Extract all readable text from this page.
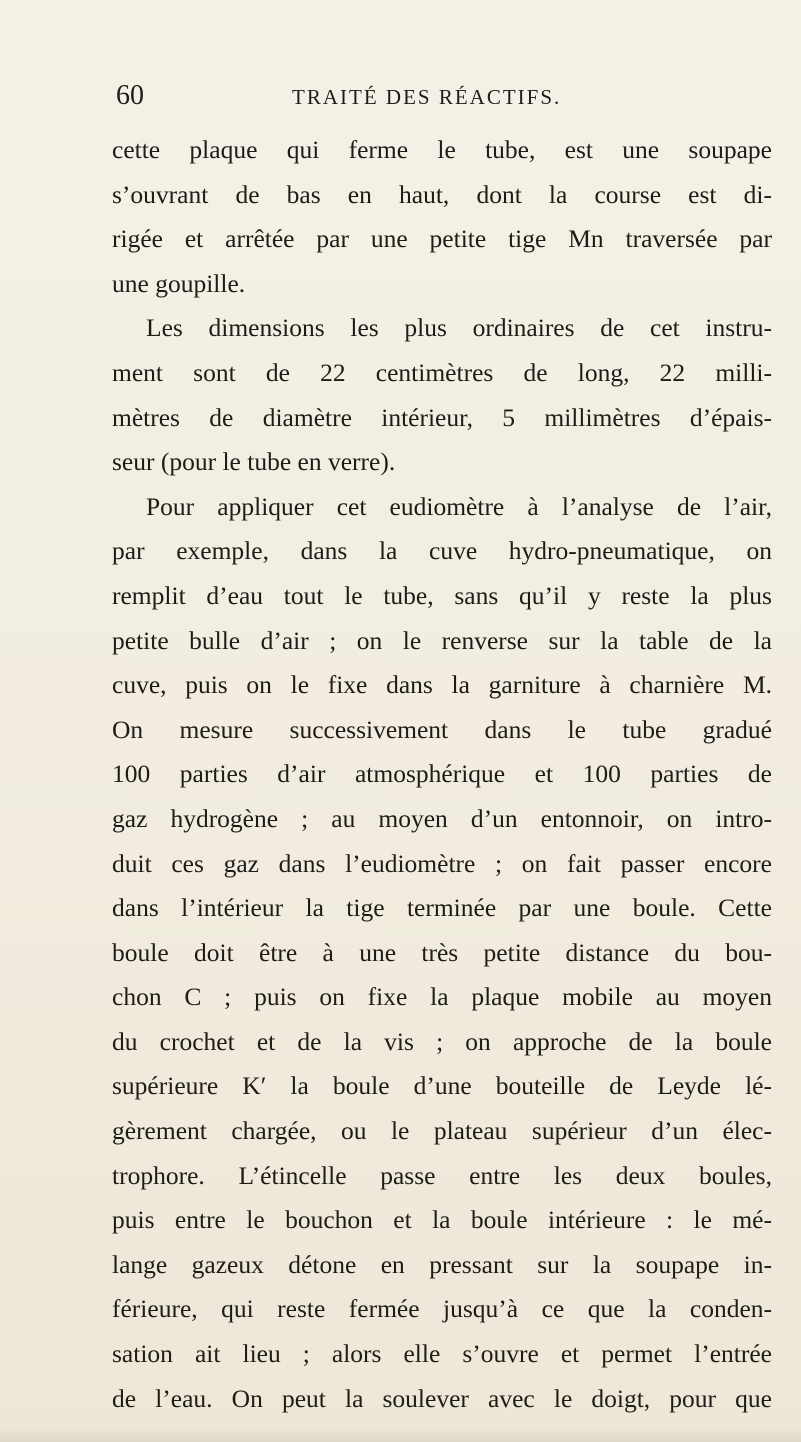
60	TRAITÉ DES RÉACTIFS.
cette plaque qui ferme le tube, est une soupape
s’ouvrant de bas en haut, dont la course est di-
rigée et arrêtée par une petite tige Mn traversée par
une goupille.
Les dimensions les plus ordinaires de cet instru-
ment sont de 22 centimètres de long, 22 milli-
mètres de diamètre intérieur, 5 millimètres d’épais-
seur (pour le tube en verre).
Pour appliquer cet eudiomètre à l’analyse de l’air,
par exemple, dans la cuve hydro-pneumatique, on
remplit d’eau tout le tube, sans qu’il y reste la plus
petite bulle d’air ; on le renverse sur la table de la
cuve, puis on le fixe dans la garniture à charnière M.
On mesure successivement dans le tube gradué
100 parties d’air atmosphérique et 100 parties de
gaz hydrogène ; au moyen d’un entonnoir, on intro-
duit ces gaz dans l’eudiomètre ; on fait passer encore
dans l’intérieur la tige terminée par une boule. Cette
boule doit être à une très petite distance du bou-
chon C ; puis on fixe la plaque mobile au moyen
du crochet et de la vis ; on approche de la boule
supérieure K′ la boule d’une bouteille de Leyde lé-
gèrement chargée, ou le plateau supérieur d’un élec-
trophore. L’étincelle passe entre les deux boules,
puis entre le bouchon et la boule intérieure : le mé-
lange gazeux détone en pressant sur la soupape in-
férieure, qui reste fermée jusqu’à ce que la conden-
sation ait lieu ; alors elle s’ouvre et permet l’entrée
de l’eau. On peut la soulever avec le doigt, pour que
